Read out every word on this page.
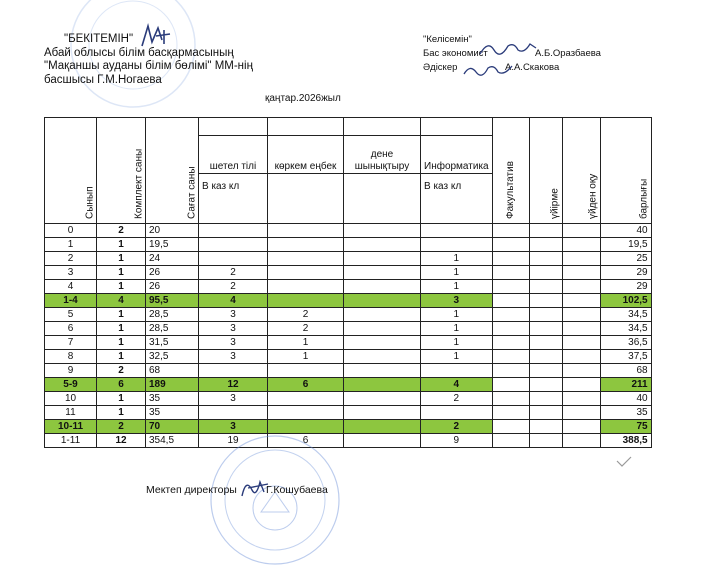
"БЕКІТЕМІН"
Абай облысы білім басқармасының
"Мақаншы ауданы білім бөлімі" ММ-нің
басшысы Г.М.Ногаева
"Келісемін"
Бас экономист	А.Б.Оразбаева
Әдіскер	А.А.Скакова
қаңтар.2026жыл
Сынып	Комплект саны	Сағат саны					Факультатив	үйірме	үйден оқу	барлығы
			шетел тілі	көркем еңбек	дене шынықтыру	Информатика				
			В каз кл			В каз кл				
0	2	20								40
1	1	19,5								19,5
2	1	24				1				25
3	1	26	2			1				29
4	1	26	2			1				29
1-4	4	95,5	4			3				102,5
5	1	28,5	3	2		1				34,5
6	1	28,5	3	2		1				34,5
7	1	31,5	3	1		1				36,5
8	1	32,5	3	1		1				37,5
9	2	68								68
5-9	6	189	12	6		4				211
10	1	35	3			2				40
11	1	35								35
10-11	2	70	3			2				75
1-11	12	354,5	19	6		9				388,5
Мектеп директоры	Г.Кошубаева
